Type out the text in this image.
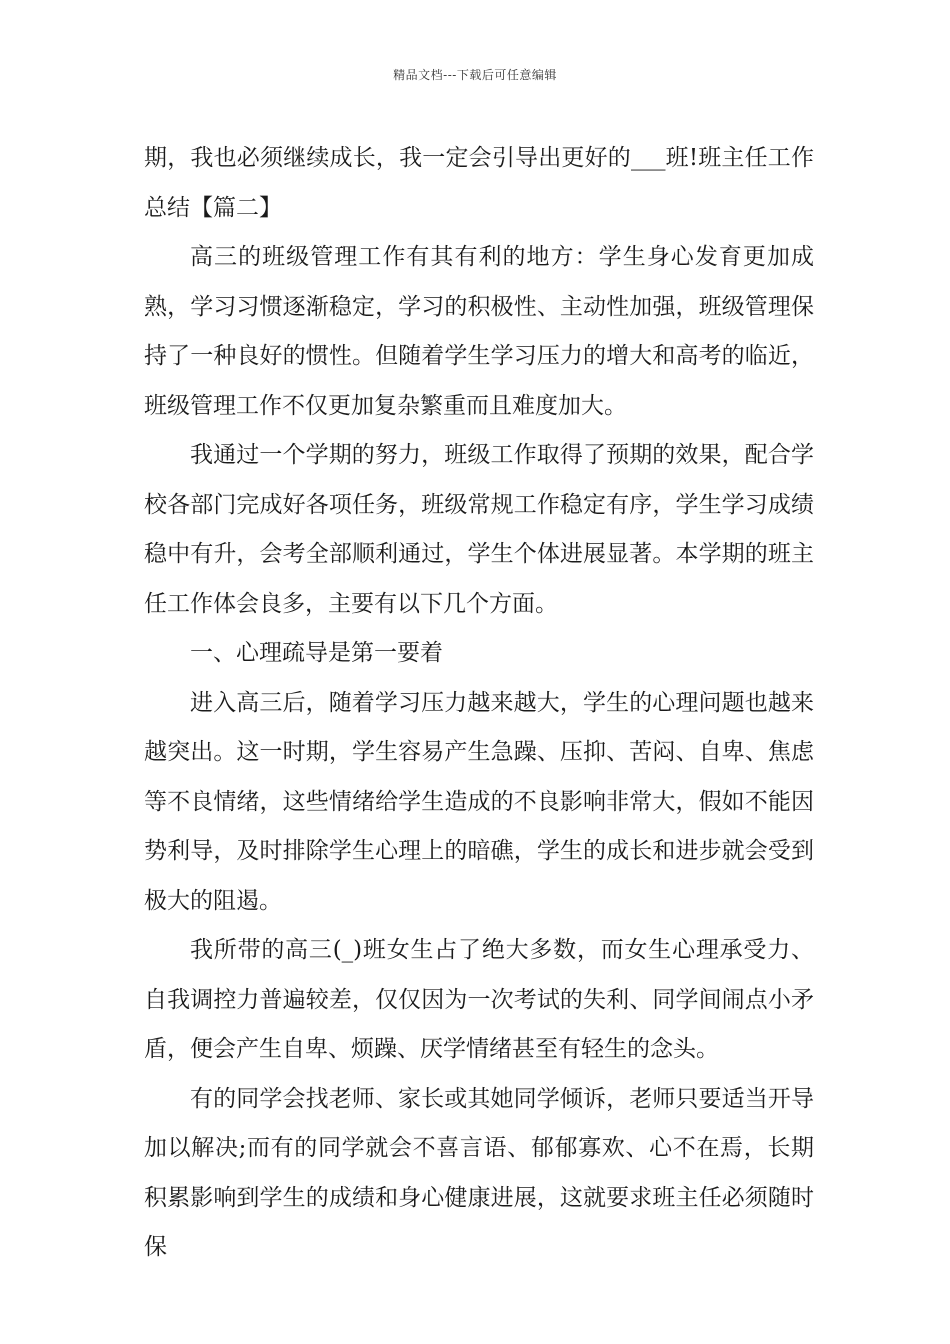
精品文档---下载后可任意编辑

期，我也必须继续成长，我一定会引导出更好的___班!班主任工作总结【篇二】

高三的班级管理工作有其有利的地方：学生身心发育更加成熟，学习习惯逐渐稳定，学习的积极性、主动性加强，班级管理保持了一种良好的惯性。但随着学生学习压力的增大和高考的临近，班级管理工作不仅更加复杂繁重而且难度加大。

我通过一个学期的努力，班级工作取得了预期的效果，配合学校各部门完成好各项任务，班级常规工作稳定有序，学生学习成绩稳中有升，会考全部顺利通过，学生个体进展显著。本学期的班主任工作体会良多，主要有以下几个方面。

一、心理疏导是第一要着

进入高三后，随着学习压力越来越大，学生的心理问题也越来越突出。这一时期，学生容易产生急躁、压抑、苦闷、自卑、焦虑等不良情绪，这些情绪给学生造成的不良影响非常大，假如不能因势利导，及时排除学生心理上的暗礁，学生的成长和进步就会受到极大的阻遏。

我所带的高三(_)班女生占了绝大多数，而女生心理承受力、自我调控力普遍较差，仅仅因为一次考试的失利、同学间闹点小矛盾，便会产生自卑、烦躁、厌学情绪甚至有轻生的念头。

有的同学会找老师、家长或其她同学倾诉，老师只要适当开导加以解决;而有的同学就会不喜言语、郁郁寡欢、心不在焉，长期积累影响到学生的成绩和身心健康进展，这就要求班主任必须随时保
